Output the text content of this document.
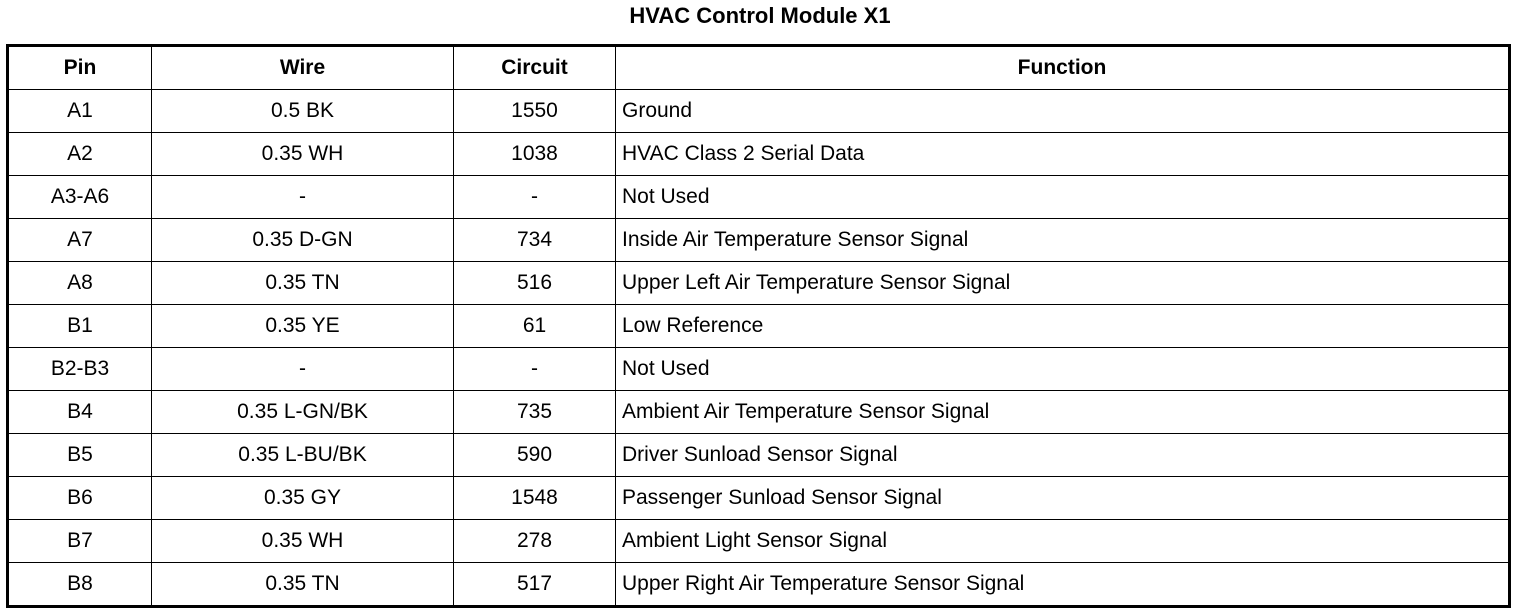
HVAC Control Module X1
Pin	Wire	Circuit	Function
A1	0.5 BK	1550	Ground
A2	0.35 WH	1038	HVAC Class 2 Serial Data
A3-A6	-	-	Not Used
A7	0.35 D-GN	734	Inside Air Temperature Sensor Signal
A8	0.35 TN	516	Upper Left Air Temperature Sensor Signal
B1	0.35 YE	61	Low Reference
B2-B3	-	-	Not Used
B4	0.35 L-GN/BK	735	Ambient Air Temperature Sensor Signal
B5	0.35 L-BU/BK	590	Driver Sunload Sensor Signal
B6	0.35 GY	1548	Passenger Sunload Sensor Signal
B7	0.35 WH	278	Ambient Light Sensor Signal
B8	0.35 TN	517	Upper Right Air Temperature Sensor Signal
